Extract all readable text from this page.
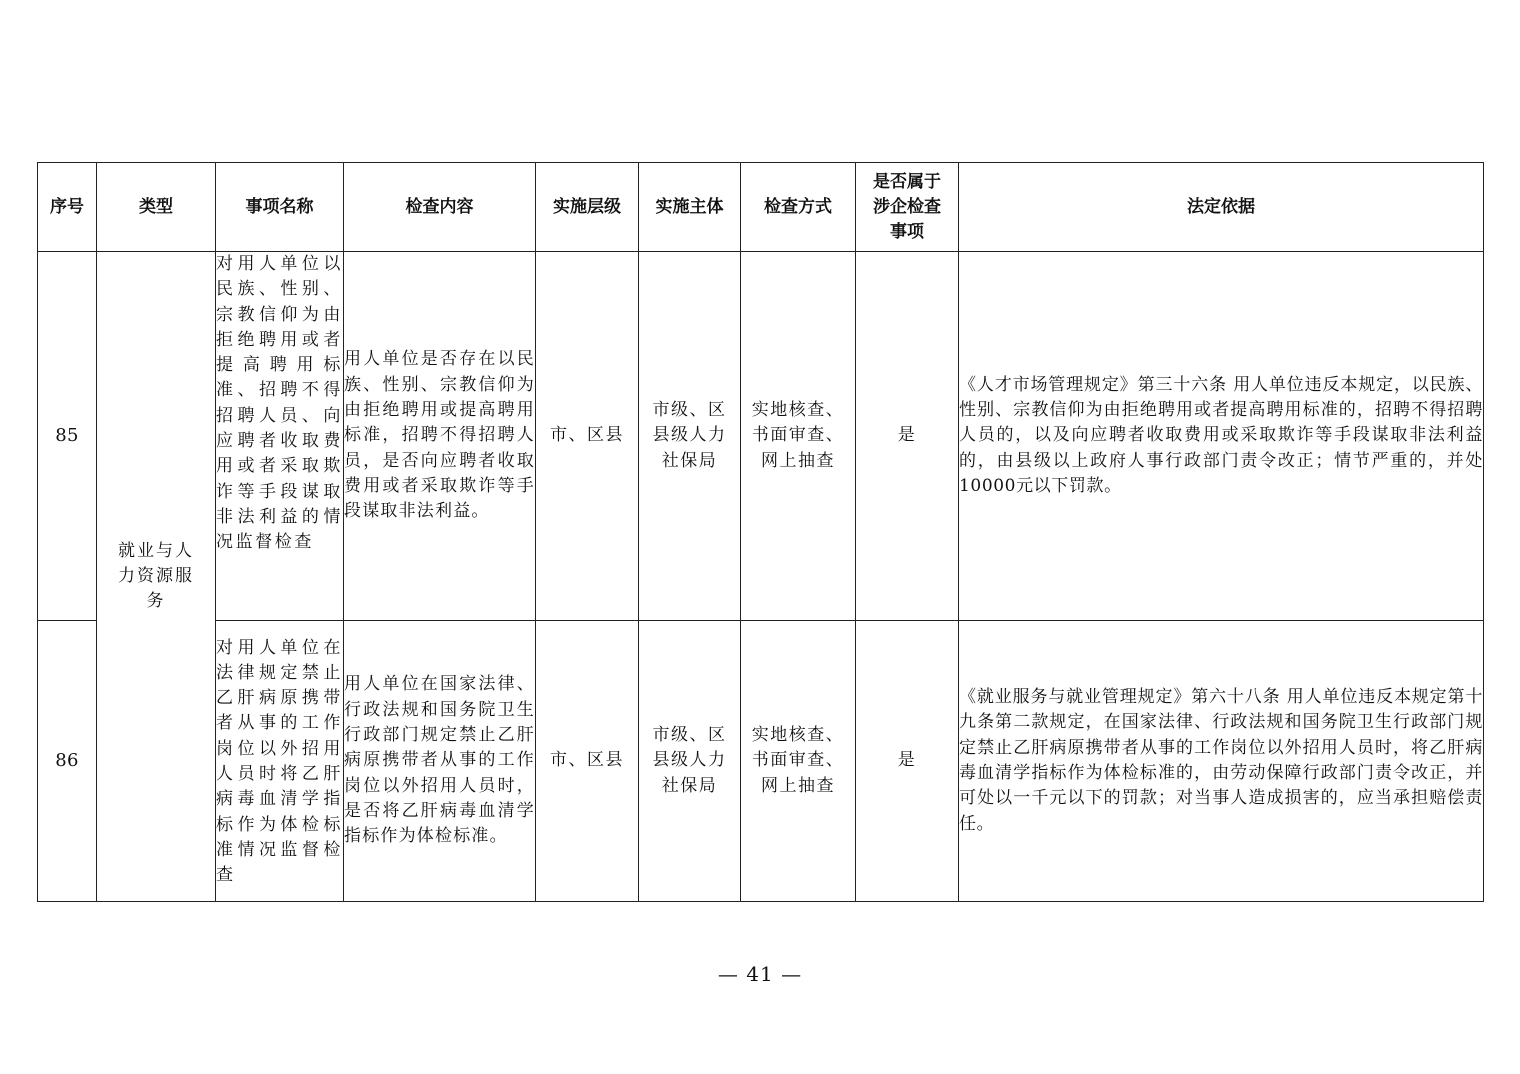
序号	类型	事项名称	检查内容	实施层级	实施主体	检查方式	是否属于涉企检查事项	法定依据
85	就业与人力资源服务	对用人单位以民族、性别、宗教信仰为由拒绝聘用或者提高聘用标准、招聘不得招聘人员、向应聘者收取费用或者采取欺诈等手段谋取非法利益的情况监督检查	用人单位是否存在以民族、性别、宗教信仰为由拒绝聘用或提高聘用标准，招聘不得招聘人员，是否向应聘者收取费用或者采取欺诈等手段谋取非法利益。	市、区县	市级、区县级人力社保局	实地核查、书面审查、网上抽查	是	《人才市场管理规定》第三十六条 用人单位违反本规定，以民族、性别、宗教信仰为由拒绝聘用或者提高聘用标准的，招聘不得招聘人员的，以及向应聘者收取费用或采取欺诈等手段谋取非法利益的，由县级以上政府人事行政部门责令改正；情节严重的，并处10000元以下罚款。
86		对用人单位在法律规定禁止乙肝病原携带者从事的工作岗位以外招用人员时将乙肝病毒血清学指标作为体检标准情况监督检查	用人单位在国家法律、行政法规和国务院卫生行政部门规定禁止乙肝病原携带者从事的工作岗位以外招用人员时，是否将乙肝病毒血清学指标作为体检标准。	市、区县	市级、区县级人力社保局	实地核查、书面审查、网上抽查	是	《就业服务与就业管理规定》第六十八条 用人单位违反本规定第十九条第二款规定，在国家法律、行政法规和国务院卫生行政部门规定禁止乙肝病原携带者从事的工作岗位以外招用人员时，将乙肝病毒血清学指标作为体检标准的，由劳动保障行政部门责令改正，并可处以一千元以下的罚款；对当事人造成损害的，应当承担赔偿责任。
— 41 —
